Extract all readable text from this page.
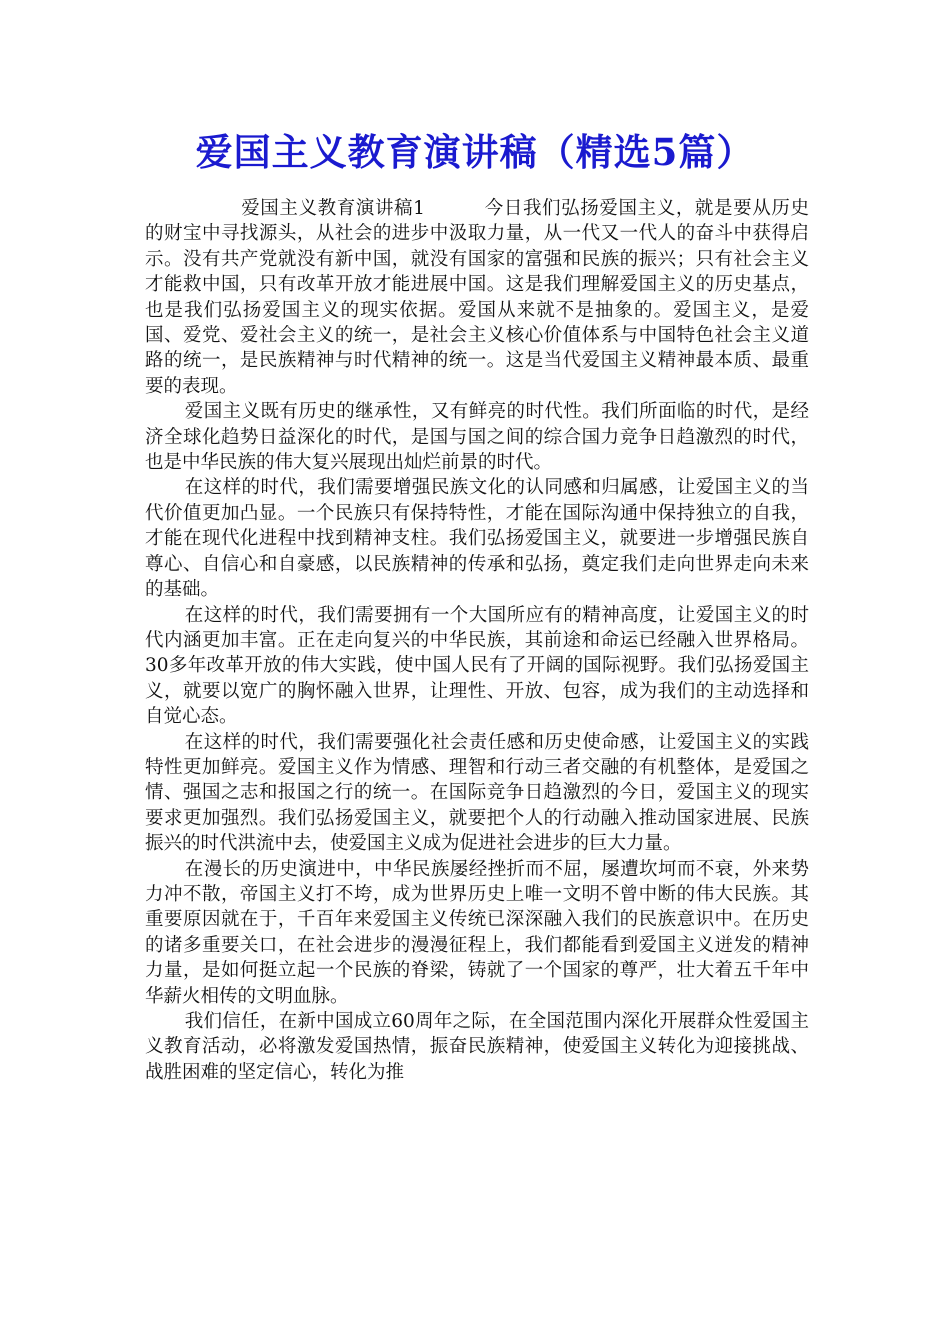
爱国主义教育演讲稿（精选5篇）

爱国主义教育演讲稿1	今日我们弘扬爱国主义，就是要从历史的财宝中寻找源头，从社会的进步中汲取力量，从一代又一代人的奋斗中获得启示。没有共产党就没有新中国，就没有国家的富强和民族的振兴；只有社会主义才能救中国，只有改革开放才能进展中国。这是我们理解爱国主义的历史基点，也是我们弘扬爱国主义的现实依据。爱国从来就不是抽象的。爱国主义，是爱国、爱党、爱社会主义的统一，是社会主义核心价值体系与中国特色社会主义道路的统一，是民族精神与时代精神的统一。这是当代爱国主义精神最本质、最重要的表现。

爱国主义既有历史的继承性，又有鲜亮的时代性。我们所面临的时代，是经济全球化趋势日益深化的时代，是国与国之间的综合国力竞争日趋激烈的时代，也是中华民族的伟大复兴展现出灿烂前景的时代。

在这样的时代，我们需要增强民族文化的认同感和归属感，让爱国主义的当代价值更加凸显。一个民族只有保持特性，才能在国际沟通中保持独立的自我，才能在现代化进程中找到精神支柱。我们弘扬爱国主义，就要进一步增强民族自尊心、自信心和自豪感，以民族精神的传承和弘扬，奠定我们走向世界走向未来的基础。

在这样的时代，我们需要拥有一个大国所应有的精神高度，让爱国主义的时代内涵更加丰富。正在走向复兴的中华民族，其前途和命运已经融入世界格局。30多年改革开放的伟大实践，使中国人民有了开阔的国际视野。我们弘扬爱国主义，就要以宽广的胸怀融入世界，让理性、开放、包容，成为我们的主动选择和自觉心态。

在这样的时代，我们需要强化社会责任感和历史使命感，让爱国主义的实践特性更加鲜亮。爱国主义作为情感、理智和行动三者交融的有机整体，是爱国之情、强国之志和报国之行的统一。在国际竞争日趋激烈的今日，爱国主义的现实要求更加强烈。我们弘扬爱国主义，就要把个人的行动融入推动国家进展、民族振兴的时代洪流中去，使爱国主义成为促进社会进步的巨大力量。

在漫长的历史演进中，中华民族屡经挫折而不屈，屡遭坎坷而不衰，外来势力冲不散，帝国主义打不垮，成为世界历史上唯一文明不曾中断的伟大民族。其重要原因就在于，千百年来爱国主义传统已深深融入我们的民族意识中。在历史的诸多重要关口，在社会进步的漫漫征程上，我们都能看到爱国主义迸发的精神力量，是如何挺立起一个民族的脊梁，铸就了一个国家的尊严，壮大着五千年中华薪火相传的文明血脉。

我们信任，在新中国成立60周年之际，在全国范围内深化开展群众性爱国主义教育活动，必将激发爱国热情，振奋民族精神，使爱国主义转化为迎接挑战、战胜困难的坚定信心，转化为推
